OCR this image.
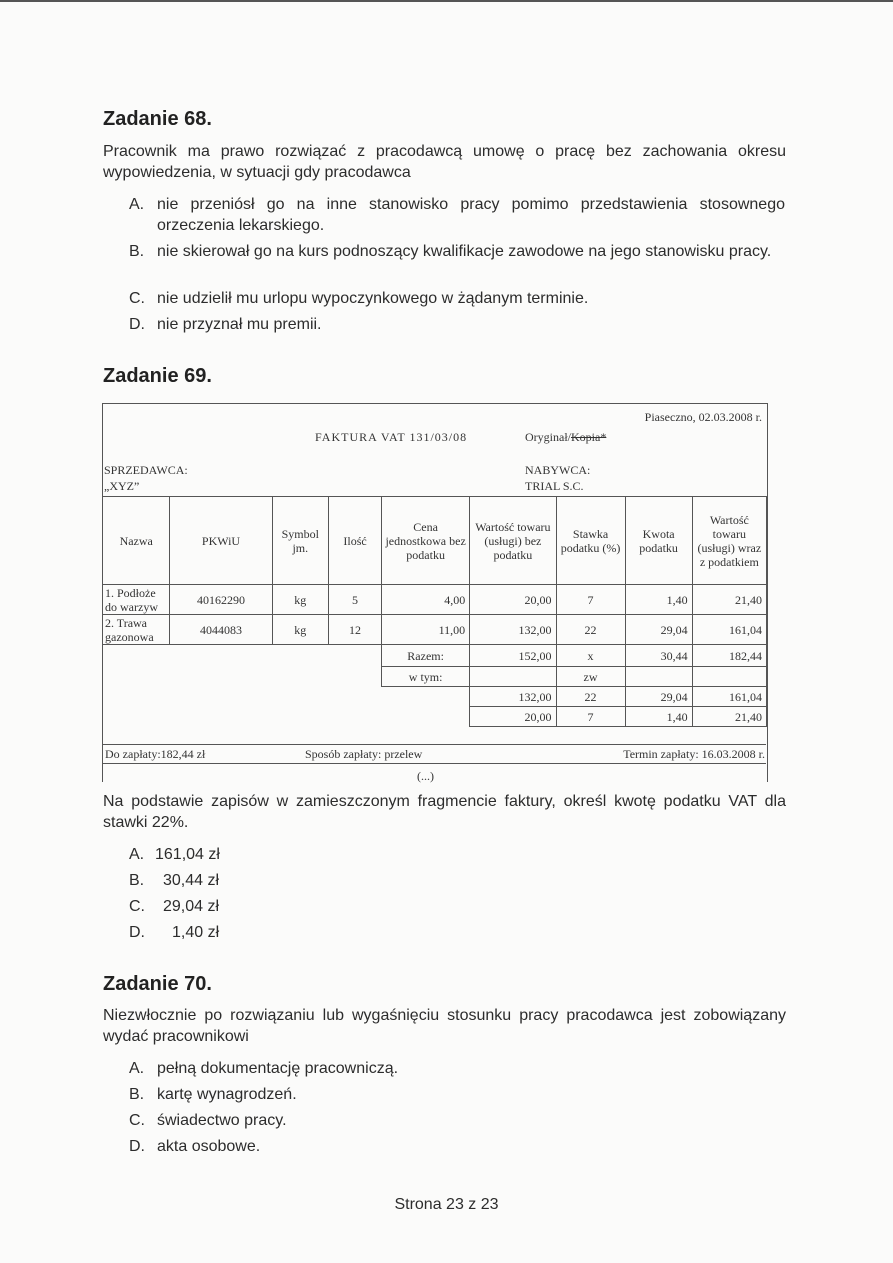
Zadanie 68.
Pracownik ma prawo rozwiązać z pracodawcą umowę o pracę bez zachowania okresu wypowiedzenia, w sytuacji gdy pracodawca
A. nie przeniósł go na inne stanowisko pracy pomimo przedstawienia stosownego orzeczenia lekarskiego.
B. nie skierował go na kurs podnoszący kwalifikacje zawodowe na jego stanowisku pracy.
C. nie udzielił mu urlopu wypoczynkowego w żądanym terminie.
D. nie przyznał mu premii.
Zadanie 69.
Piaseczno, 02.03.2008 r.
FAKTURA VAT 131/03/08	Oryginał/Kopia*
SPRZEDAWCA:
„XYZ”
NABYWCA:
TRIAL S.C.
Nazwa	PKWiU	Symbol jm.	Ilość	Cena jednostkowa bez podatku	Wartość towaru (usługi) bez podatku	Stawka podatku (%)	Kwota podatku	Wartość towaru (usługi) wraz z podatkiem
1. Podłoże do warzyw	40162290	kg	5	4,00	20,00	7	1,40	21,40
2. Trawa gazonowa	4044083	kg	12	11,00	132,00	22	29,04	161,04
				Razem:	152,00	x	30,44	182,44
				w tym:		zw		
					132,00	22	29,04	161,04
					20,00	7	1,40	21,40
Do zapłaty:182,44 zł	Sposób zapłaty: przelew	Termin zapłaty: 16.03.2008 r.
(...)
Na podstawie zapisów w zamieszczonym fragmencie faktury, określ kwotę podatku VAT dla stawki 22%.
A. 161,04 zł
B. 30,44 zł
C. 29,04 zł
D. 1,40 zł
Zadanie 70.
Niezwłocznie po rozwiązaniu lub wygaśnięciu stosunku pracy pracodawca jest zobowiązany wydać pracownikowi
A. pełną dokumentację pracowniczą.
B. kartę wynagrodzeń.
C. świadectwo pracy.
D. akta osobowe.
Strona 23 z 23
